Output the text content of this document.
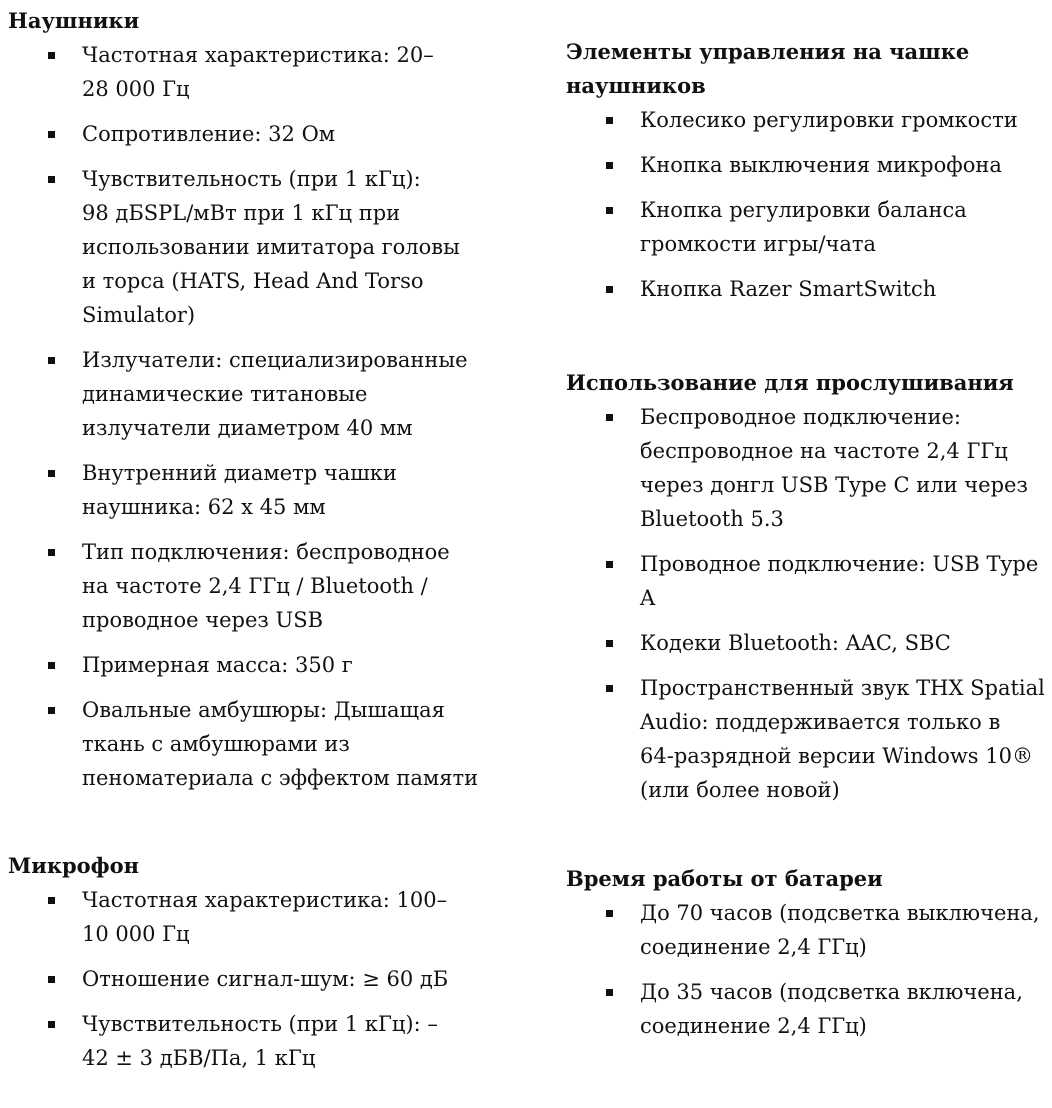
Наушники
Частотная характеристика: 20–
28 000 Гц
Сопротивление: 32 Ом
Чувствительность (при 1 кГц):
98 дБSPL/мВт при 1 кГц при
использовании имитатора головы
и торса (HATS, Head And Torso
Simulator)
Излучатели: специализированные
динамические титановые
излучатели диаметром 40 мм
Внутренний диаметр чашки
наушника: 62 x 45 мм
Тип подключения: беспроводное
на частоте 2,4 ГГц / Bluetooth /
проводное через USB
Примерная масса: 350 г
Овальные амбушюры: Дышащая
ткань с амбушюрами из
пеноматериала с эффектом памяти
Микрофон
Частотная характеристика: 100–
10 000 Гц
Отношение сигнал-шум: ≥ 60 дБ
Чувствительность (при 1 кГц): –
42 ± 3 дБВ/Па, 1 кГц
Элементы управления на чашке
наушников
Колесико регулировки громкости
Кнопка выключения микрофона
Кнопка регулировки баланса
громкости игры/чата
Кнопка Razer SmartSwitch
Использование для прослушивания
Беспроводное подключение:
беспроводное на частоте 2,4 ГГц
через донгл USB Type C или через
Bluetooth 5.3
Проводное подключение: USB Type
A
Кодеки Bluetooth: AAC, SBC
Пространственный звук THX Spatial
Audio: поддерживается только в
64-разрядной версии Windows 10®
(или более новой)
Время работы от батареи
До 70 часов (подсветка выключена,
соединение 2,4 ГГц)
До 35 часов (подсветка включена,
соединение 2,4 ГГц)
